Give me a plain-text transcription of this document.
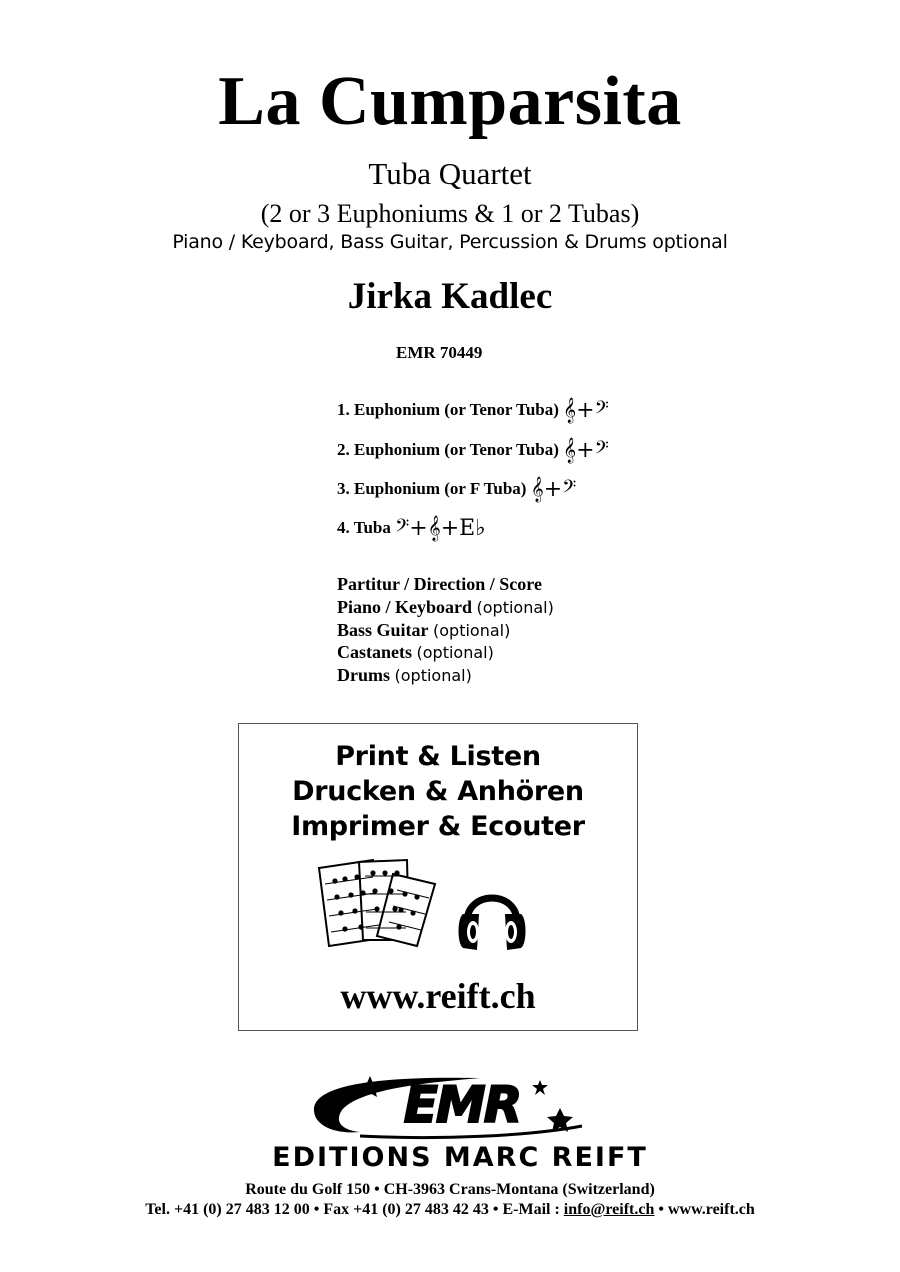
La Cumparsita
Tuba Quartet
(2 or 3 Euphoniums & 1 or 2 Tubas)
Piano / Keyboard, Bass Guitar, Percussion & Drums optional
Jirka Kadlec
EMR 70449
1. Euphonium (or Tenor Tuba) 𝄞+𝄢
2. Euphonium (or Tenor Tuba) 𝄞+𝄢
3. Euphonium (or F Tuba) 𝄞+𝄢
4. Tuba 𝄢+𝄞+E♭
Partitur / Direction / Score
Piano / Keyboard (optional)
Bass Guitar (optional)
Castanets (optional)
Drums (optional)
Print & Listen
Drucken & Anhören
Imprimer & Ecouter
www.reift.ch
EMR
EDITIONS MARC REIFT
Route du Golf 150 • CH-3963 Crans-Montana (Switzerland)
Tel. +41 (0) 27 483 12 00 • Fax +41 (0) 27 483 42 43 • E-Mail : info@reift.ch • www.reift.ch
